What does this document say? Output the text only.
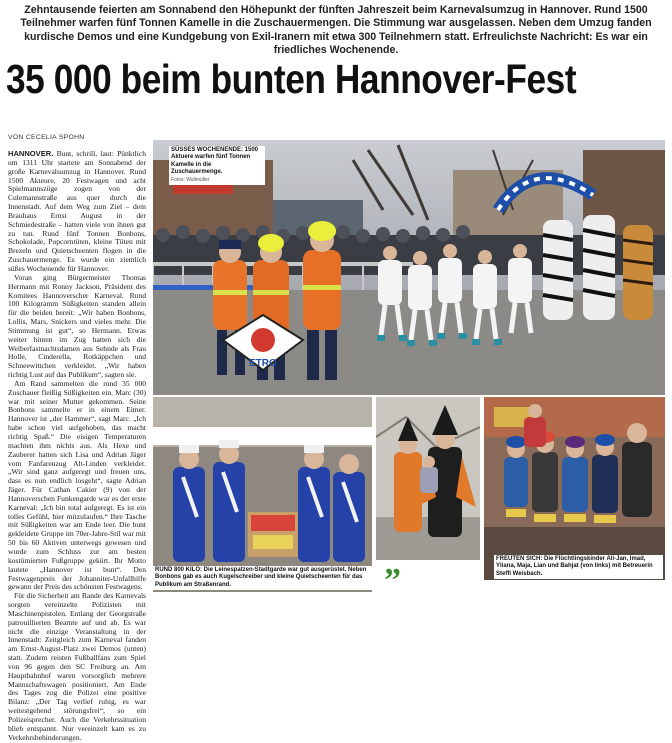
Zehntausende feierten am Sonnabend den Höhepunkt der fünften Jahreszeit beim Karnevalsumzug in Hannover. Rund 1500 Teilnehmer warfen fünf Tonnen Kamelle in die Zuschauermengen. Die Stimmung war ausgelassen. Neben dem Umzug fanden kurdische Demos und eine Kundgebung von Exil-Iranern mit etwa 300 Teilnehmern statt. Erfreulichste Nachricht: Es war ein friedliches Wochenende.
35 000 beim bunten Hannover-Fest
VON CECELIA SPOHN

HANNOVER. Bunt, schrill, laut: Pünktlich um 1311 Uhr startete am Sonnabend der große Karnevalsumzug in Hannover. Rund 1500 Akteure, 20 Festwagen und acht Spielmannszüge zogen von der Culemannstraße aus quer durch die Innenstadt. Auf dem Weg zum Ziel – dem Brauhaus Ernst August in der Schmiedestraße – hatten viele von ihnen gut zu tun. Rund fünf Tonnen Bonbons, Schokolade, Popcorntüten, kleine Tüten mit Brezeln und Quietscheenten flogen in die Zuschauermenge. Es wurde ein ziemlich süßes Wochenende für Hannover.

Voran ging Bürgermeister Thomas Hermann mit Ronny Jackson, Präsident des Komitees Hannoverscher Karneval. Rund 100 Kilogramm Süßigkeiten standen allein für die beiden bereit: „Wir haben Bonbons, Lollis, Mars, Snickers und vieles mehr. Die Stimmung ist gut“, so Hermann. Etwas weiter hinten im Zug hatten sich die Weiberfastnachtsdamen aus Sehnde als Frau Holle, Cinderella, Rotkäppchen und Schneewittchen verkleidet. „Wir haben richtig Lust auf das Publikum“, sagten sie.

Am Rand sammelten die rund 35 000 Zuschauer fleißig Süßigkeiten ein. Marc (30) war mit seiner Mutter gekommen. Seine Bonbons sammelte er in einem Eimer. Hannover ist „der Hammer“, sagt Marc. „Ich habe schon viel aufgehoben, das macht richtig Spaß.“ Die eisigen Temperaturen machten ihm nichts aus. Als Hexe und Zauberer hatten sich Lisa und Adrian Jäger vom Fanfarenzug Alt-Linden verkleidet. „Wir sind ganz aufgeregt und freuen uns, dass es nun endlich losgeht“, sagte Adrian Jäger. Für Cathan Cakier (9) von der Hannoverschen Funkengarde war es der erste Karneval: „Ich bin total aufgeregt. Es ist ein tolles Gefühl, hier mitzulaufen.“ Ihre Tasche mit Süßigkeiten war am Ende leer. Die bunt gekleidete Gruppe im 70er-Jahre-Stil war mit 50 bis 60 Aktiven unterwegs gewesen und wurde zum Schluss zur am besten kostümierten Fußgruppe gekürt. Ihr Motto lautete „Hannover ist bunt“. Den Festwagenpreis der Johanniter-Unfallhilfe gewann der Preis des schönsten Festwagens.

Für die Sicherheit am Rande des Karnevals sorgten vereinzelte Polizisten mit Maschinenpistolen. Entlang der Georgstraße patrouillierten Beamte auf und ab. Es war nicht die einzige Veranstaltung in der Innenstadt: Zeitgleich zum Karneval fanden am Ernst-August-Platz zwei Demos (unten) statt. Zudem reisten Fußballfans zum Spiel von 96 gegen den SC Freiburg an. Am Hauptbahnhof waren vorsorglich mehrere Mannschaftswagen positioniert. Am Ende des Tages zog die Polizei eine positive Bilanz: „Der Tag verlief ruhig, es war weitestgehend störungsfrei“, so ein Polizeisprecher. Auch die Verkehrssituation blieb entspannt. Nur vereinzelt kam es zu Verkehrsbehinderungen.

ETRO
SÜSSES WOCHENENDE: 1500 Aktuere warfen fünf Tonnen Kamelle in die Zuschauermenge.
Fotos: Wallmüller
RUND 800 KILO: Die Leinespatzen-Stadtgarde war gut ausgerüstet. Neben Bonbons gab es auch Kugelschreiber und kleine Quietscheenten für das Publikum am Straßenrand.	”
FREUTEN SICH: Die Flüchtlingskinder Ali-Jan, Imad, Yliana, Maja, Lian und Bahjat (von links) mit Betreuerin Steffi Weisbach.
